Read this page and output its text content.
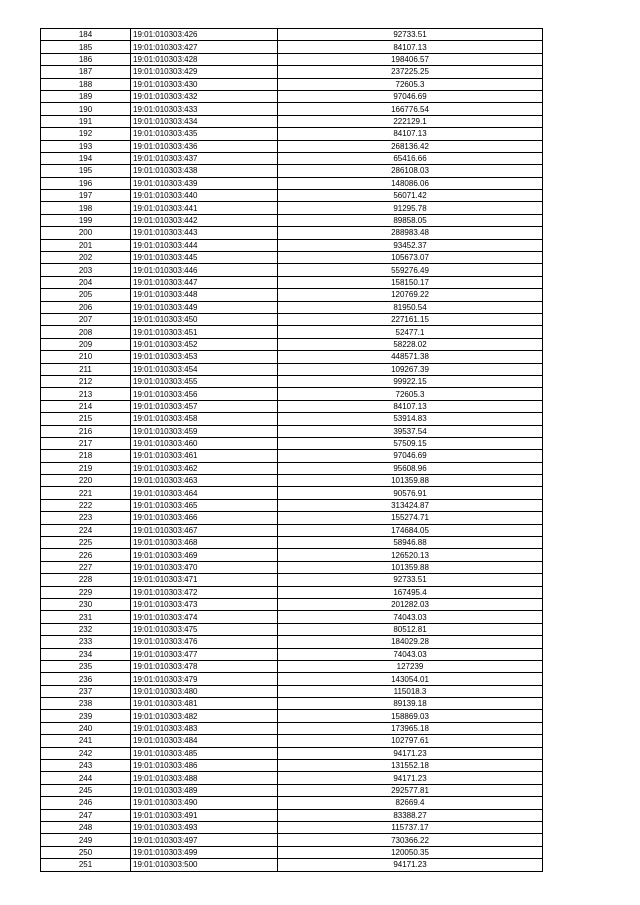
184	19:01:010303:426	92733.51
185	19:01:010303:427	84107.13
186	19:01:010303:428	198406.57
187	19:01:010303:429	237225.25
188	19:01:010303:430	72605.3
189	19:01:010303:432	97046.69
190	19:01:010303:433	166776.54
191	19:01:010303:434	222129.1
192	19:01:010303:435	84107.13
193	19:01:010303:436	268136.42
194	19:01:010303:437	65416.66
195	19:01:010303:438	286108.03
196	19:01:010303:439	148086.06
197	19:01:010303:440	56071.42
198	19:01:010303:441	91295.78
199	19:01:010303:442	89858.05
200	19:01:010303:443	288983.48
201	19:01:010303:444	93452.37
202	19:01:010303:445	105673.07
203	19:01:010303:446	559276.49
204	19:01:010303:447	158150.17
205	19:01:010303:448	120769.22
206	19:01:010303:449	81950.54
207	19:01:010303:450	227161.15
208	19:01:010303:451	52477.1
209	19:01:010303:452	58228.02
210	19:01:010303:453	448571.38
211	19:01:010303:454	109267.39
212	19:01:010303:455	99922.15
213	19:01:010303:456	72605.3
214	19:01:010303:457	84107.13
215	19:01:010303:458	53914.83
216	19:01:010303:459	39537.54
217	19:01:010303:460	57509.15
218	19:01:010303:461	97046.69
219	19:01:010303:462	95608.96
220	19:01:010303:463	101359.88
221	19:01:010303:464	90576.91
222	19:01:010303:465	313424.87
223	19:01:010303:466	155274.71
224	19:01:010303:467	174684.05
225	19:01:010303:468	58946.88
226	19:01:010303:469	126520.13
227	19:01:010303:470	101359.88
228	19:01:010303:471	92733.51
229	19:01:010303:472	167495.4
230	19:01:010303:473	201282.03
231	19:01:010303:474	74043.03
232	19:01:010303:475	80512.81
233	19:01:010303:476	184029.28
234	19:01:010303:477	74043.03
235	19:01:010303:478	127239
236	19:01:010303:479	143054.01
237	19:01:010303:480	115018.3
238	19:01:010303:481	89139.18
239	19:01:010303:482	158869.03
240	19:01:010303:483	173965.18
241	19:01:010303:484	102797.61
242	19:01:010303:485	94171.23
243	19:01:010303:486	131552.18
244	19:01:010303:488	94171.23
245	19:01:010303:489	292577.81
246	19:01:010303:490	82669.4
247	19:01:010303:491	83388.27
248	19:01:010303:493	115737.17
249	19:01:010303:497	730366.22
250	19:01:010303:499	120050.35
251	19:01:010303:500	94171.23
